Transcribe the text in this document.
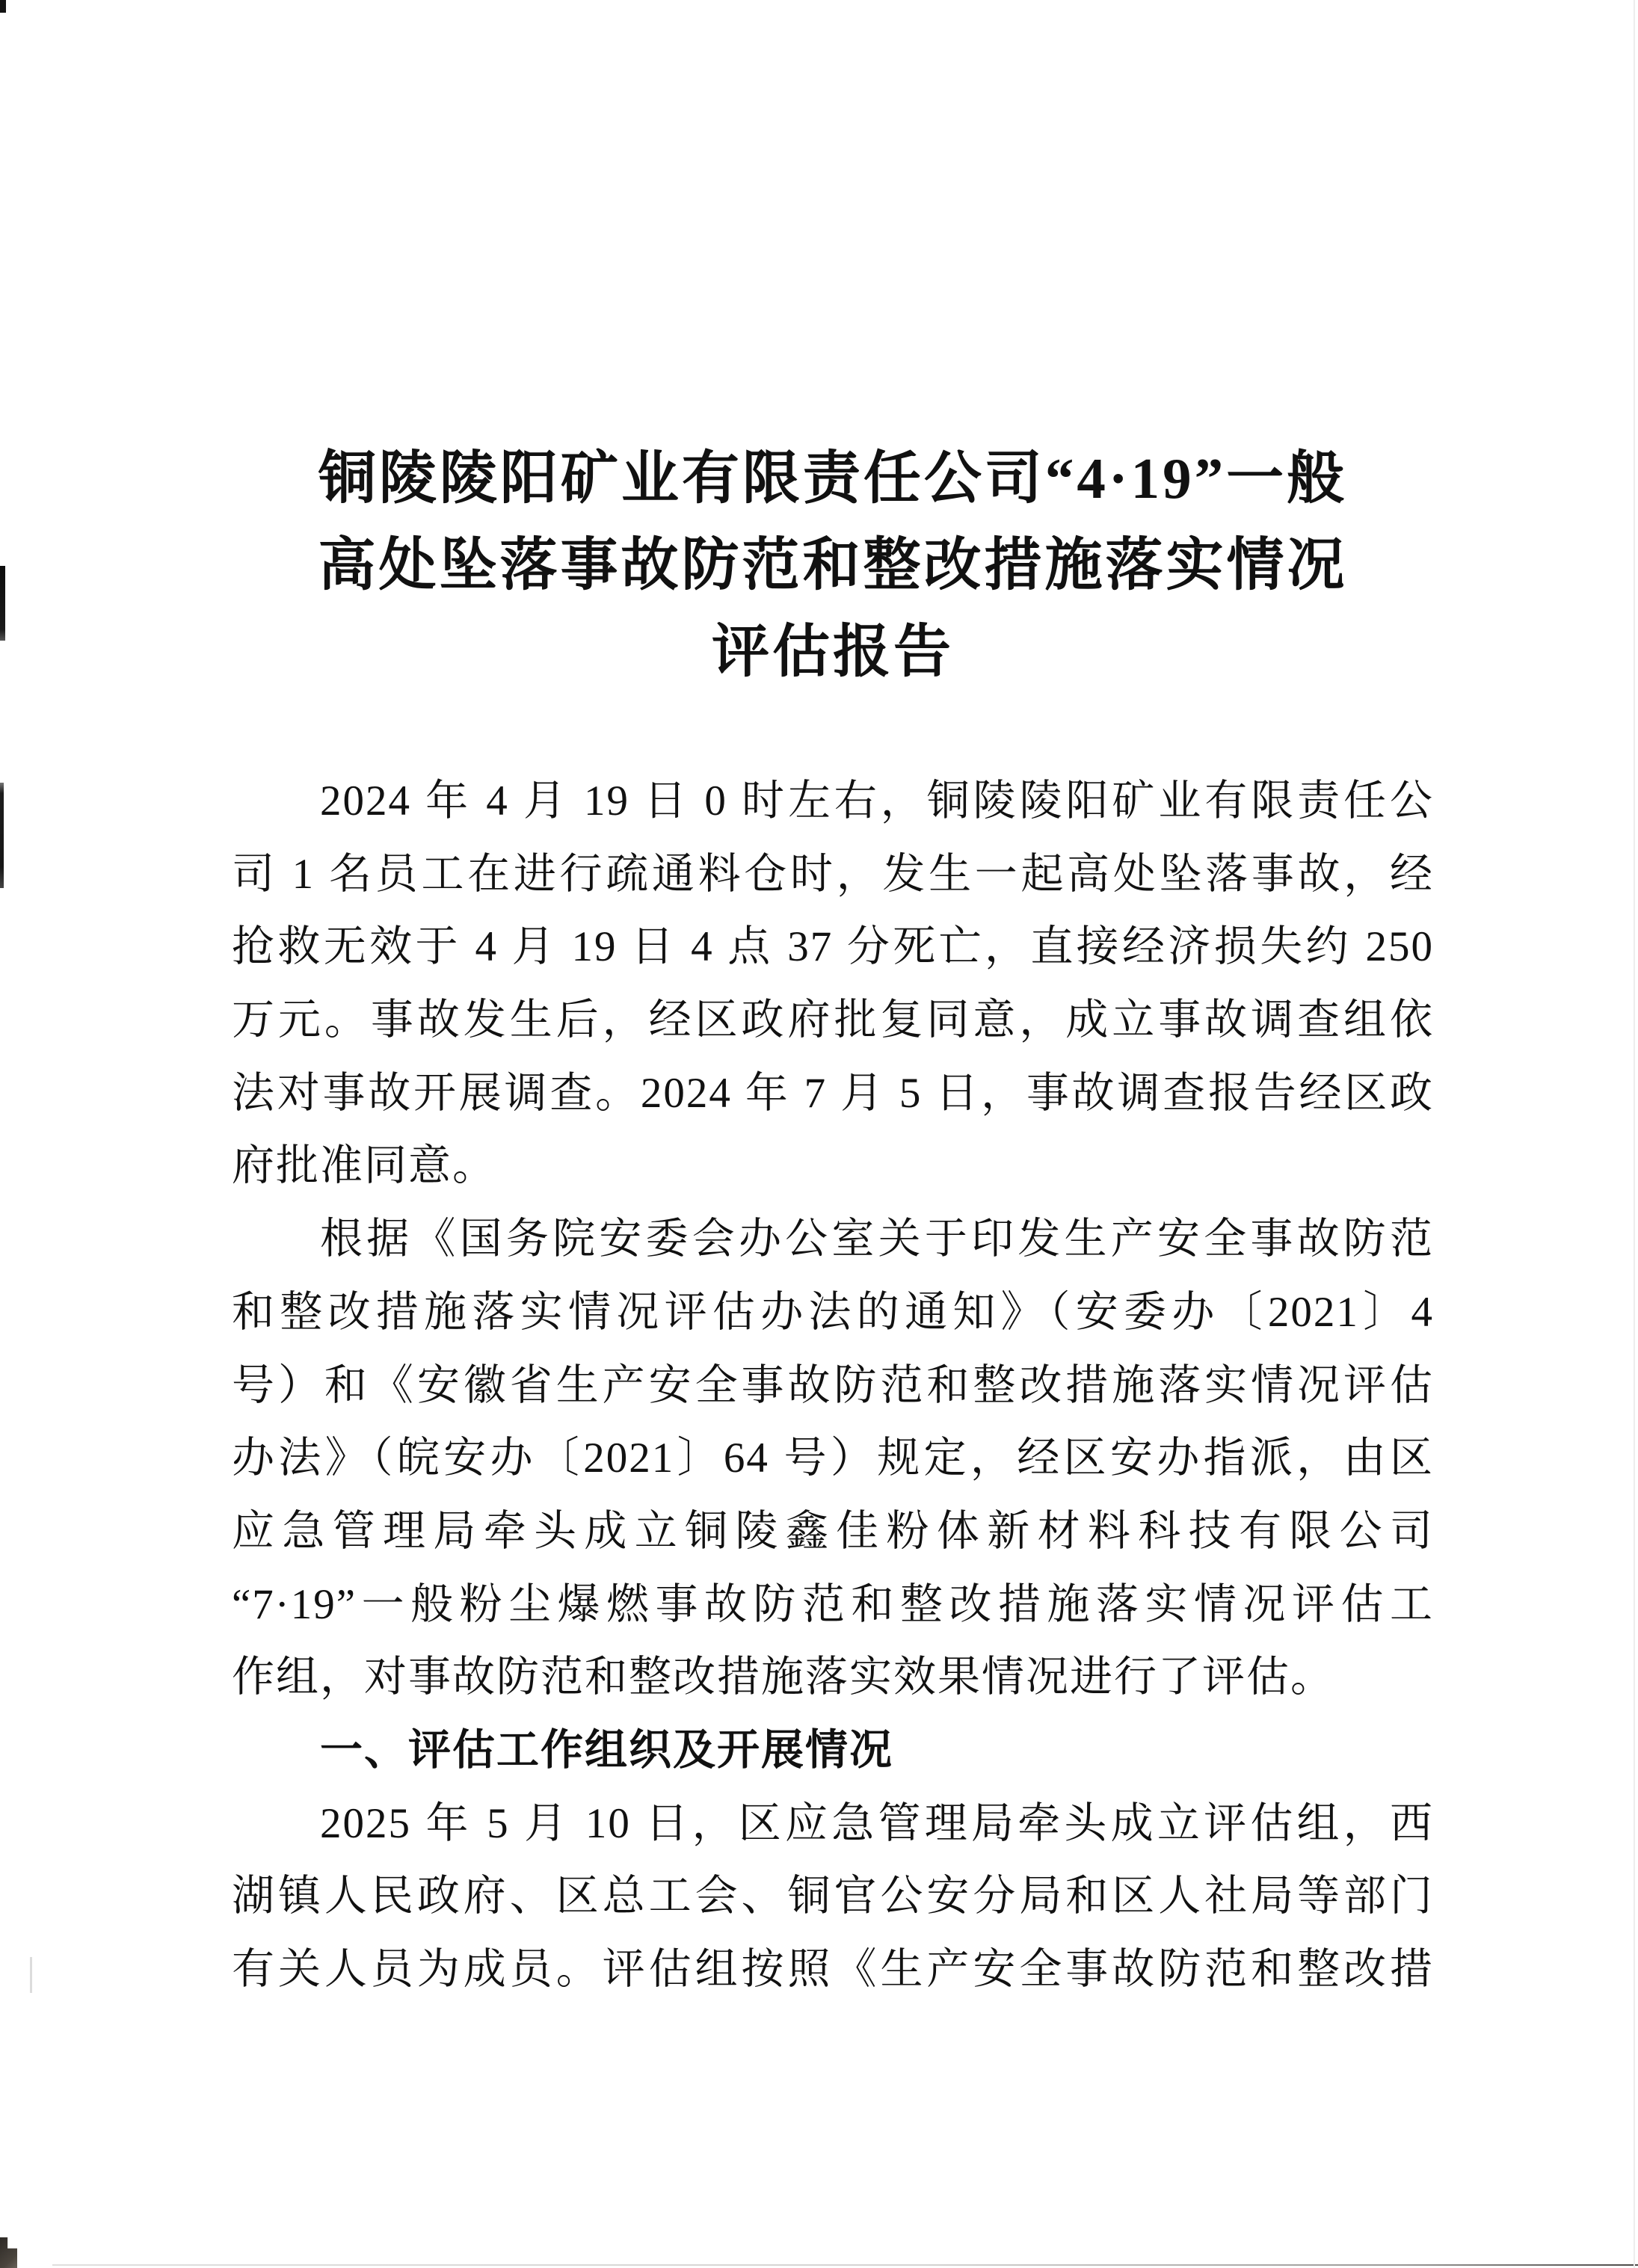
铜陵陵阳矿业有限责任公司“4·19”一般
高处坠落事故防范和整改措施落实情况
评估报告
2024 年 4 月 19 日 0 时左右，铜陵陵阳矿业有限责任公
司 1 名员工在进行疏通料仓时，发生一起高处坠落事故，经
抢救无效于 4 月 19 日 4 点 37 分死亡，直接经济损失约 250
万元。事故发生后，经区政府批复同意，成立事故调查组依
法对事故开展调查。2024 年 7 月 5 日，事故调查报告经区政
府批准同意。
根据《国务院安委会办公室关于印发生产安全事故防范
和整改措施落实情况评估办法的通知》（安委办〔2021〕4
号）和《安徽省生产安全事故防范和整改措施落实情况评估
办法》（皖安办〔2021〕64 号）规定，经区安办指派，由区
应急管理局牵头成立铜陵鑫佳粉体新材料科技有限公司
“7·19”一般粉尘爆燃事故防范和整改措施落实情况评估工
作组，对事故防范和整改措施落实效果情况进行了评估。
一、评估工作组织及开展情况
2025 年 5 月 10 日，区应急管理局牵头成立评估组，西
湖镇人民政府、区总工会、铜官公安分局和区人社局等部门
有关人员为成员。评估组按照《生产安全事故防范和整改措
